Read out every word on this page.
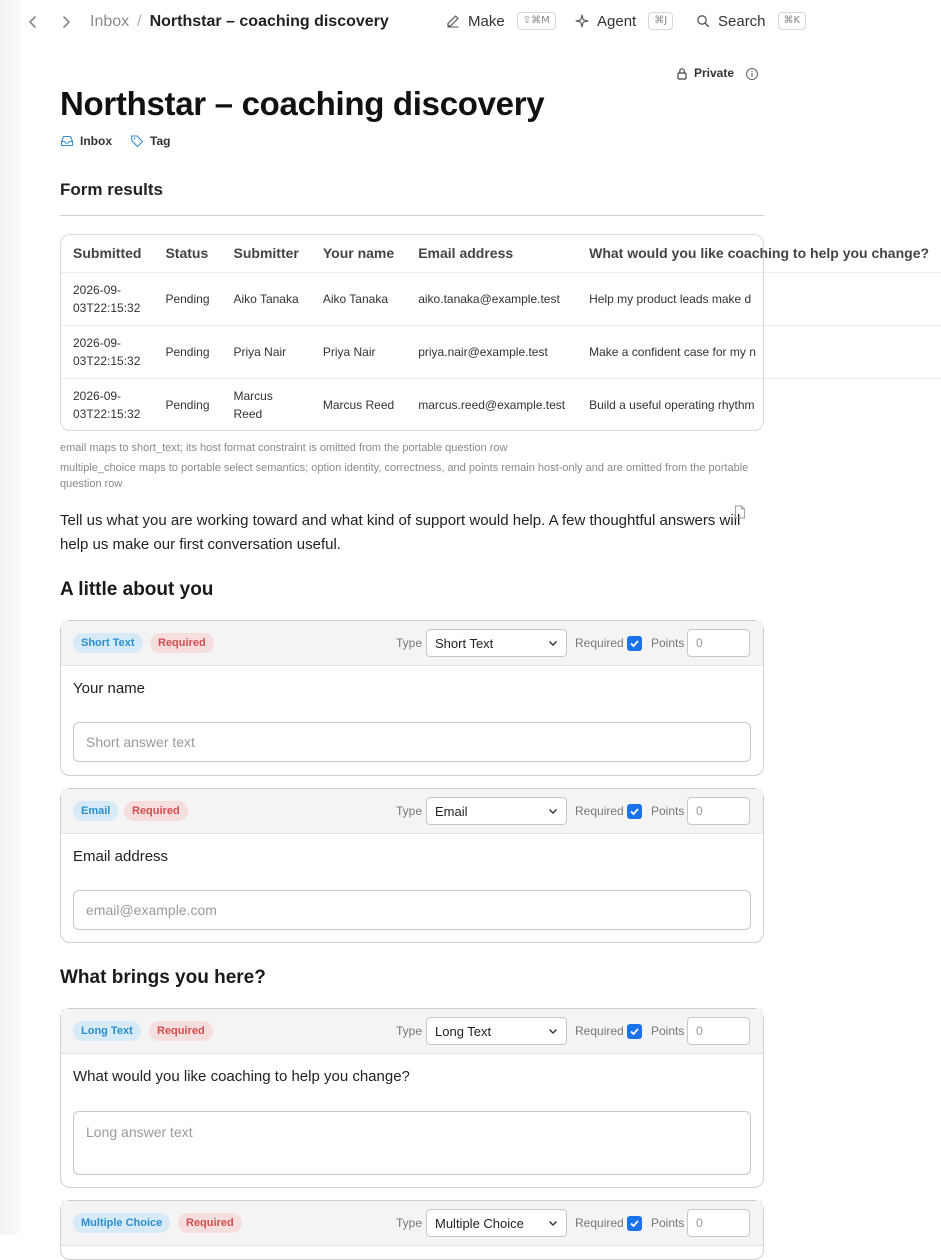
Inbox / Northstar – coaching discovery	Make	⇧⌘M	Agent	⌘J	Search	⌘K
Private
Northstar – coaching discovery
Inbox	Tag
Form results
Submitted	Status	Submitter	Your name	Email address	What would you like coaching to help you change?
2026-09-03T22:15:32	Pending	Aiko Tanaka	Aiko Tanaka	aiko.tanaka@example.test	Help my product leads make d
2026-09-03T22:15:32	Pending	Priya Nair	Priya Nair	priya.nair@example.test	Make a confident case for my n
2026-09-03T22:15:32	Pending	Marcus Reed	Marcus Reed	marcus.reed@example.test	Build a useful operating rhythm

email maps to short_text; its host format constraint is omitted from the portable question row

multiple_choice maps to portable select semantics; option identity, correctness, and points remain host-only and are omitted from the portable question row

Tell us what you are working toward and what kind of support would help. A few thoughtful answers will help us make our first conversation useful.

A little about you
Short Text	Required	Type Short Text	Required Points 0
Your name
Short answer text
Email	Required	Type Email	Required Points 0
Email address
email@example.com
What brings you here?
Long Text	Required	Type Long Text	Required Points 0
What would you like coaching to help you change?
Long answer text
Multiple Choice	Required	Type Multiple Choice	Required Points 0
